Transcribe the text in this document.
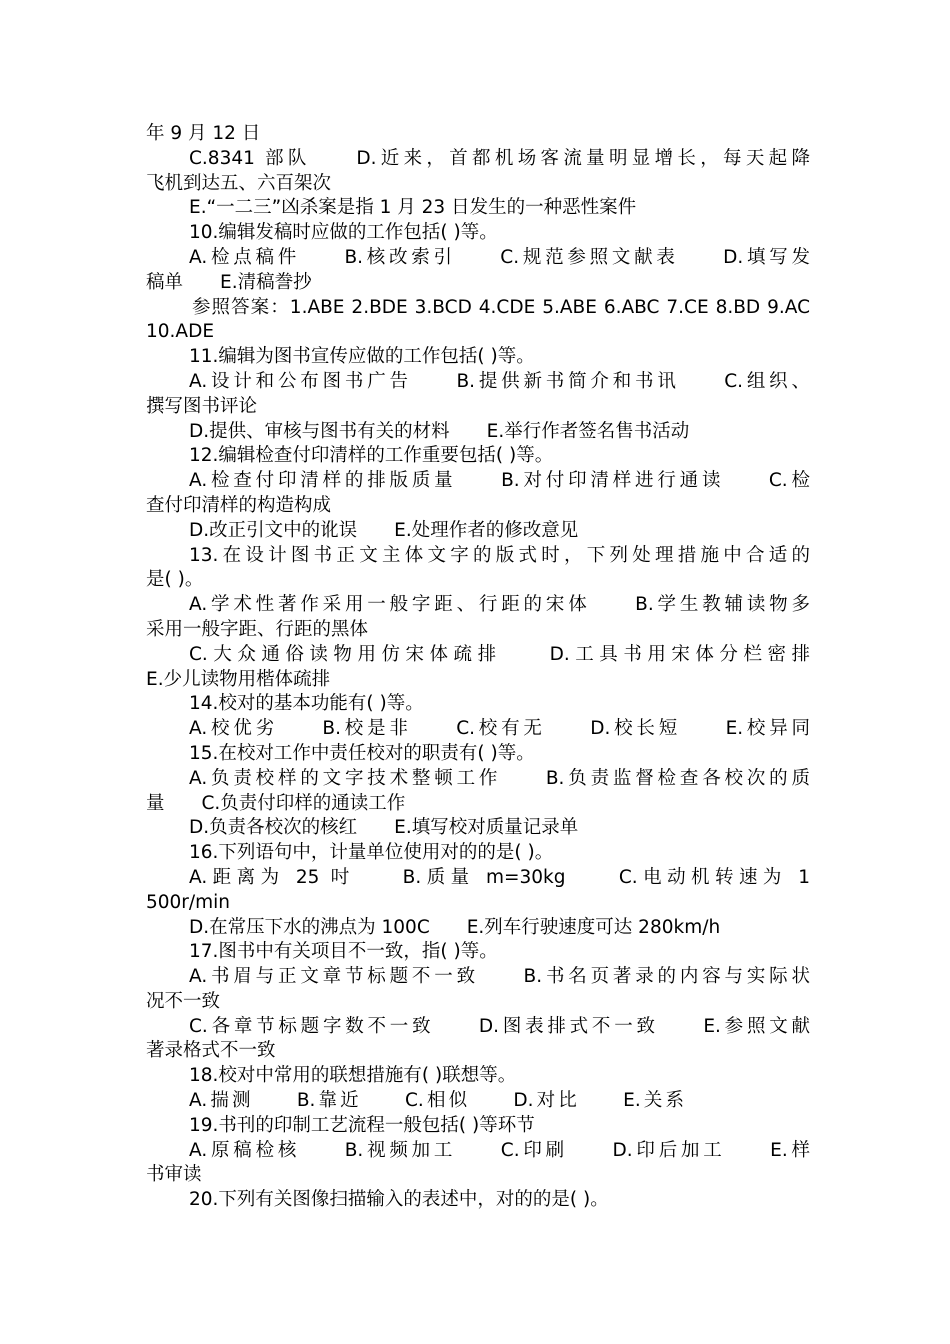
年 9 月 12 日
C.8341 部队　　D.近来，首都机场客流量明显增长，每天起降
飞机到达五、六百架次
E.“一二三”凶杀案是指 1 月 23 日发生的一种恶性案件
10.编辑发稿时应做的工作包括( )等。
A.检点稿件　　B.核改索引　　C.规范参照文献表　　D.填写发
稿单　　E.清稿誊抄
参照答案：1.ABE 2.BDE 3.BCD 4.CDE 5.ABE 6.ABC 7.CE 8.BD 9.AC
10.ADE
11.编辑为图书宣传应做的工作包括( )等。
A.设计和公布图书广告　　B.提供新书简介和书讯　　C.组织、
撰写图书评论
D.提供、审核与图书有关的材料　　E.举行作者签名售书活动
12.编辑检查付印清样的工作重要包括( )等。
A.检查付印清样的排版质量　　B.对付印清样进行通读　　C.检
查付印清样的构造构成
D.改正引文中的讹误　　E.处理作者的修改意见
13.在设计图书正文主体文字的版式时，下列处理措施中合适的
是( )。
A.学术性著作采用一般字距、行距的宋体　　B.学生教辅读物多
采用一般字距、行距的黑体
C.大众通俗读物用仿宋体疏排　　D.工具书用宋体分栏密排
E.少儿读物用楷体疏排
14.校对的基本功能有( )等。
A.校优劣　　B.校是非　　C.校有无　　D.校长短　　E.校异同
15.在校对工作中责任校对的职责有( )等。
A.负责校样的文字技术整顿工作　　B.负责监督检查各校次的质
量　　C.负责付印样的通读工作
D.负责各校次的核红　　E.填写校对质量记录单
16.下列语句中，计量单位使用对的的是( )。
A.距离为 25 吋　　B.质量 m=30kg　　C.电动机转速为 1
500r/min
D.在常压下水的沸点为 100C　　E.列车行驶速度可达 280km/h
17.图书中有关项目不一致，指( )等。
A.书眉与正文章节标题不一致　　B.书名页著录的内容与实际状
况不一致
C.各章节标题字数不一致　　D.图表排式不一致　　E.参照文献
著录格式不一致
18.校对中常用的联想措施有( )联想等。
A.揣测　　B.靠近　　C.相似　　D.对比　　E.关系
19.书刊的印制工艺流程一般包括( )等环节
A.原稿检核　　B.视频加工　　C.印刷　　D.印后加工　　E.样
书审读
20.下列有关图像扫描输入的表述中，对的的是( )。
